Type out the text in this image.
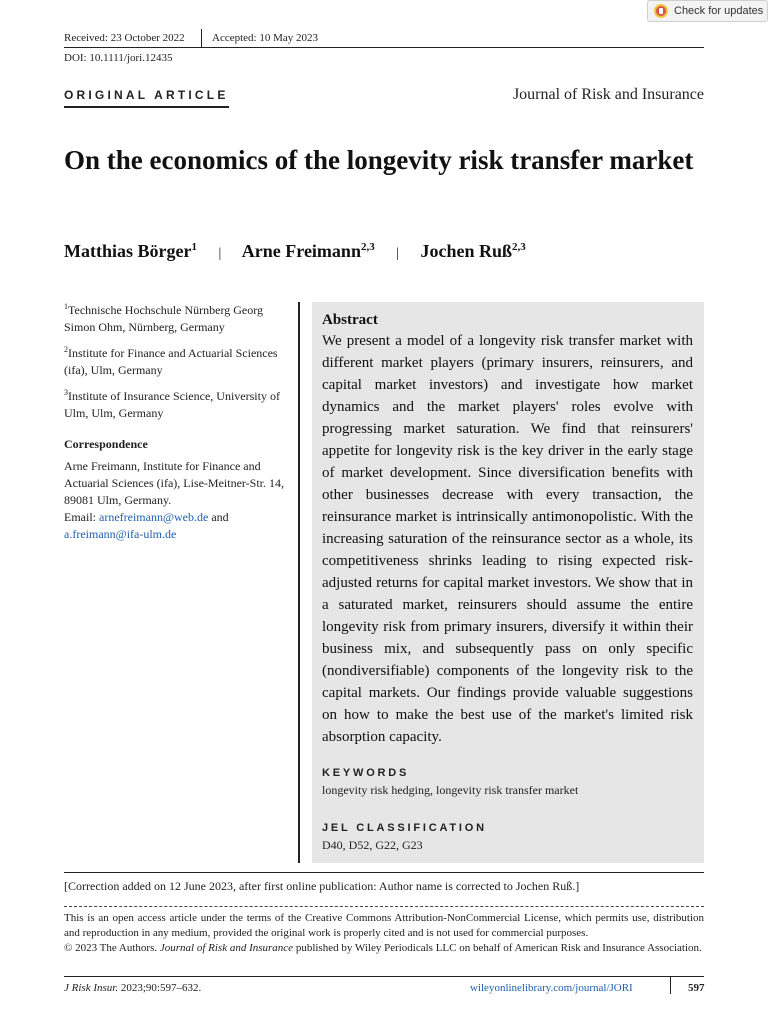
Check for updates
Received: 23 October 2022 Accepted: 10 May 2023
DOI: 10.1111/jori.12435
ORIGINAL ARTICLE	Journal of Risk and Insurance
On the economics of the longevity risk transfer market
Matthias Börger$^1$ | Arne Freimann$^{2,3}$ | Jochen Ruß$^{2,3}$

$^1$Technische Hochschule Nürnberg Georg Simon Ohm, Nürnberg, Germany

$^2$Institute for Finance and Actuarial Sciences (ifa), Ulm, Germany

$^3$Institute of Insurance Science, University of Ulm, Ulm, Germany

Correspondence

Arne Freimann, Institute for Finance and Actuarial Sciences (ifa), Lise-Meitner-Str. 14, 89081 Ulm, Germany.
Email: arnefreimann@web.de and
a.freimann@ifa-ulm.de

Abstract

We present a model of a longevity risk transfer market with different market players (primary insurers, reinsurers, and capital market investors) and investigate how market dynamics and the market players' roles evolve with progressing market saturation. We find that reinsurers' appetite for longevity risk is the key driver in the early stage of market development. Since diversification benefits with other businesses decrease with every transaction, the reinsurance market is intrinsically antimonopolistic. With the increasing saturation of the reinsurance sector as a whole, its competitiveness shrinks leading to rising expected risk-adjusted returns for capital market investors. We show that in a saturated market, reinsurers should assume the entire longevity risk from primary insurers, diversify it within their business mix, and subsequently pass on only specific (nondiversifiable) components of the longevity risk to the capital markets. Our findings provide valuable suggestions on how to make the best use of the market's limited risk absorption capacity.

KEYWORDS

longevity risk hedging, longevity risk transfer market

JEL CLASSIFICATION

D40, D52, G22, G23

[Correction added on 12 June 2023, after first online publication: Author name is corrected to Jochen Ruß.]

This is an open access article under the terms of the Creative Commons Attribution-NonCommercial License, which permits use, distribution and reproduction in any medium, provided the original work is properly cited and is not used for commercial purposes.
© 2023 The Authors. Journal of Risk and Insurance published by Wiley Periodicals LLC on behalf of American Risk and Insurance Association.

J Risk Insur. 2023;90:597–632.	wileyonlinelibrary.com/journal/JORI	597
